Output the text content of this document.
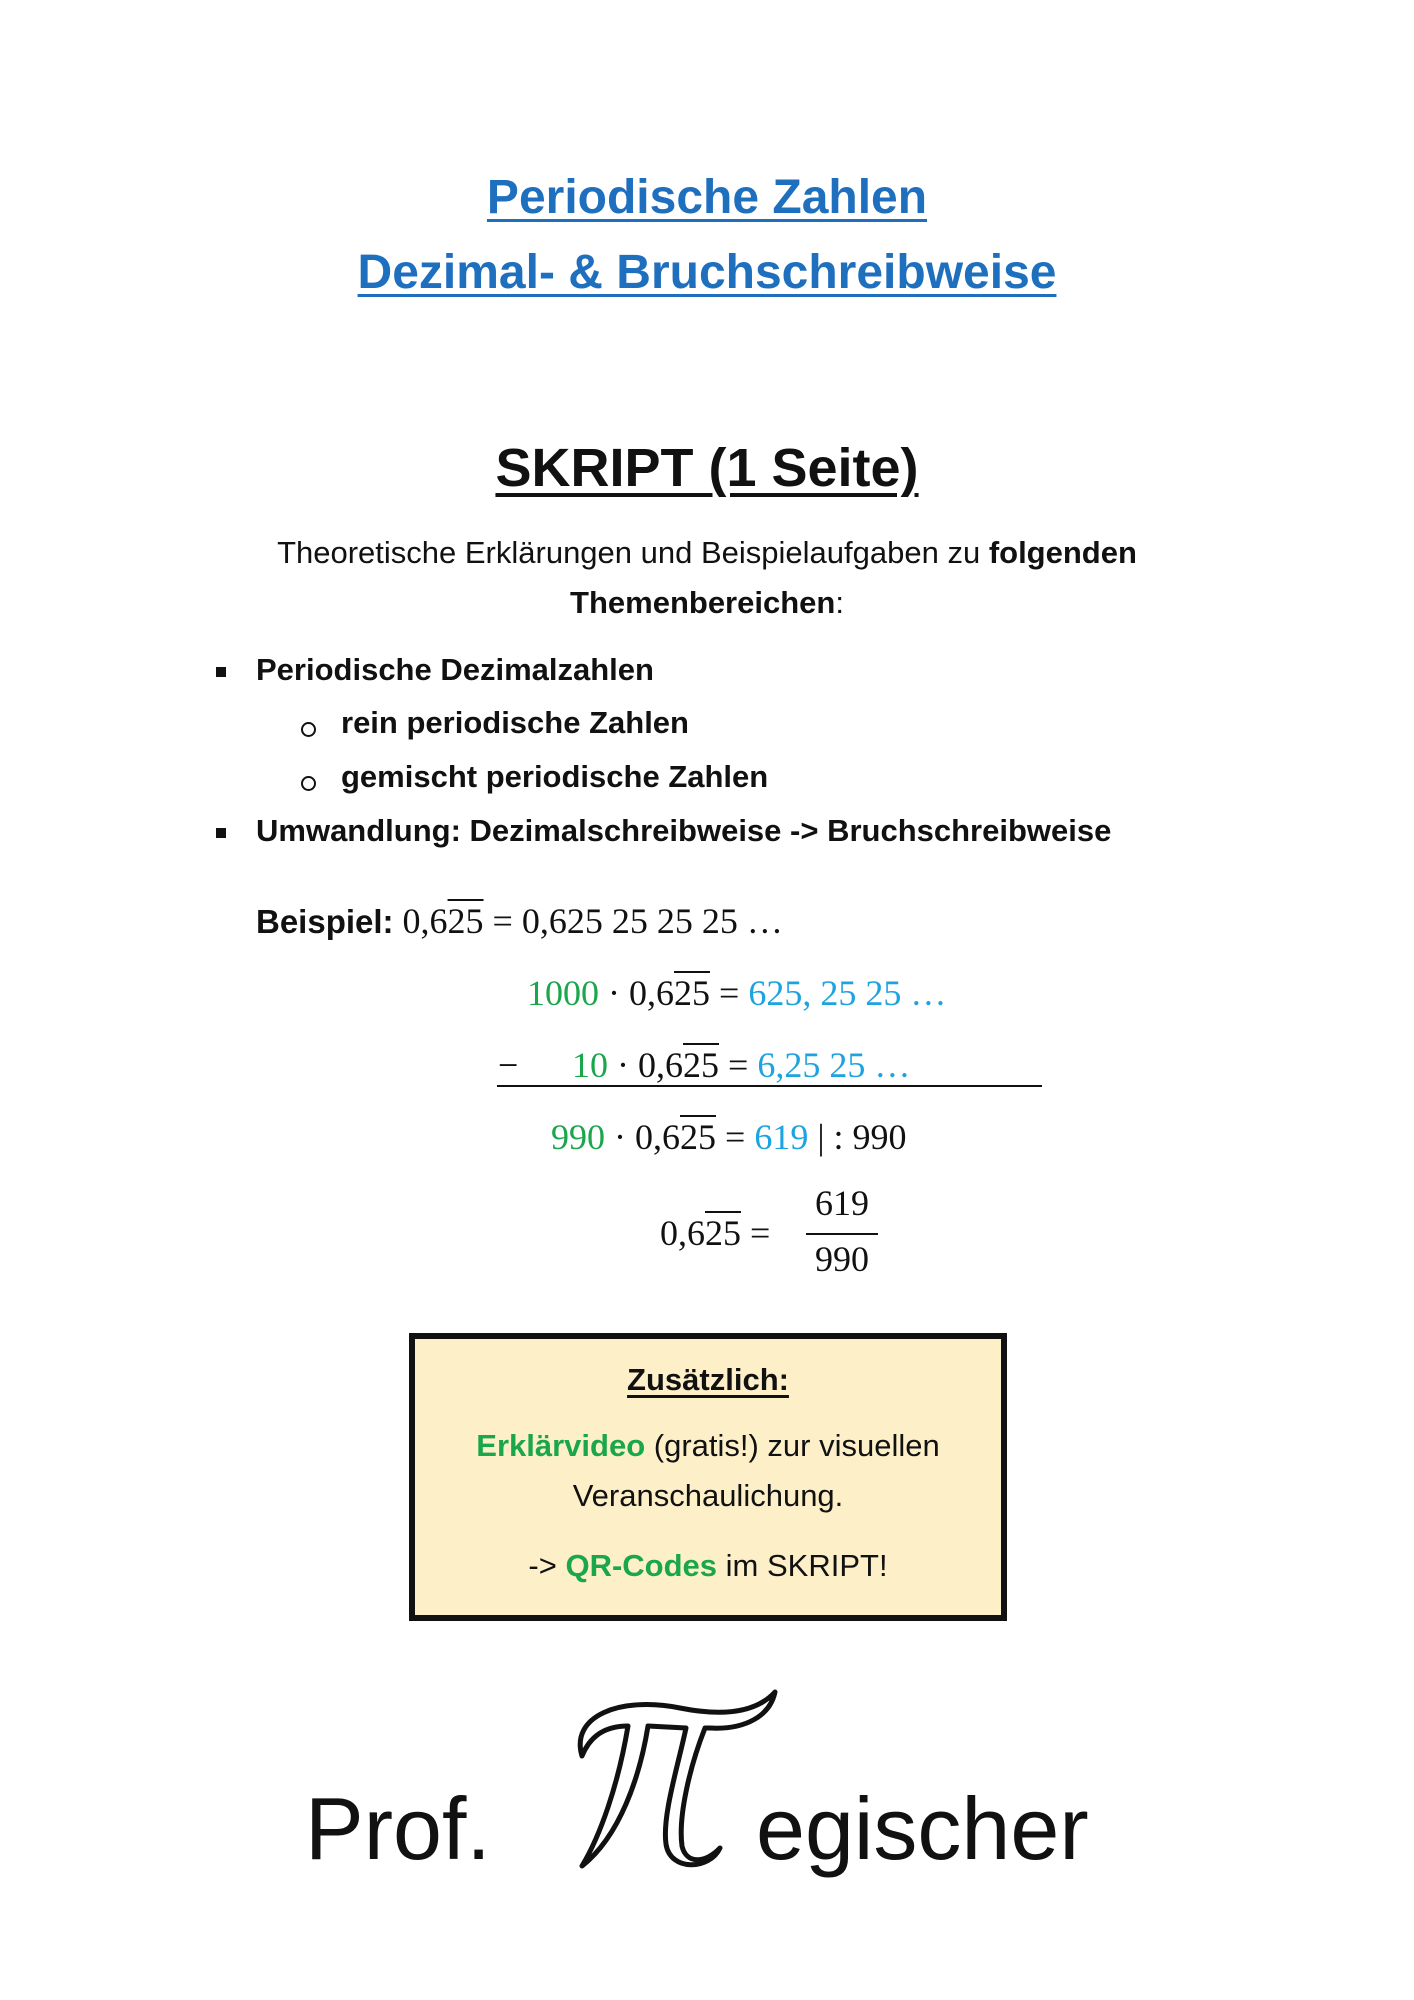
Periodische Zahlen
Dezimal- & Bruchschreibweise
SKRIPT (1 Seite)
Theoretische Erklärungen und Beispielaufgaben zu folgenden
Themenbereichen:
Periodische Dezimalzahlen
rein periodische Zahlen
gemischt periodische Zahlen
Umwandlung: Dezimalschreibweise -> Bruchschreibweise
Beispiel: 0,625 = 0,625 25 25 25 …
1000 · 0,625 = 625, 25 25 …
− 10 · 0,625 = 6,25 25 …
990 · 0,625 = 619 | : 990
0,625 =
619
990
Zusätzlich:
Erklärvideo (gratis!) zur visuellen
Veranschaulichung.
-> QR-Codes im SKRIPT!
Prof.	egischer
